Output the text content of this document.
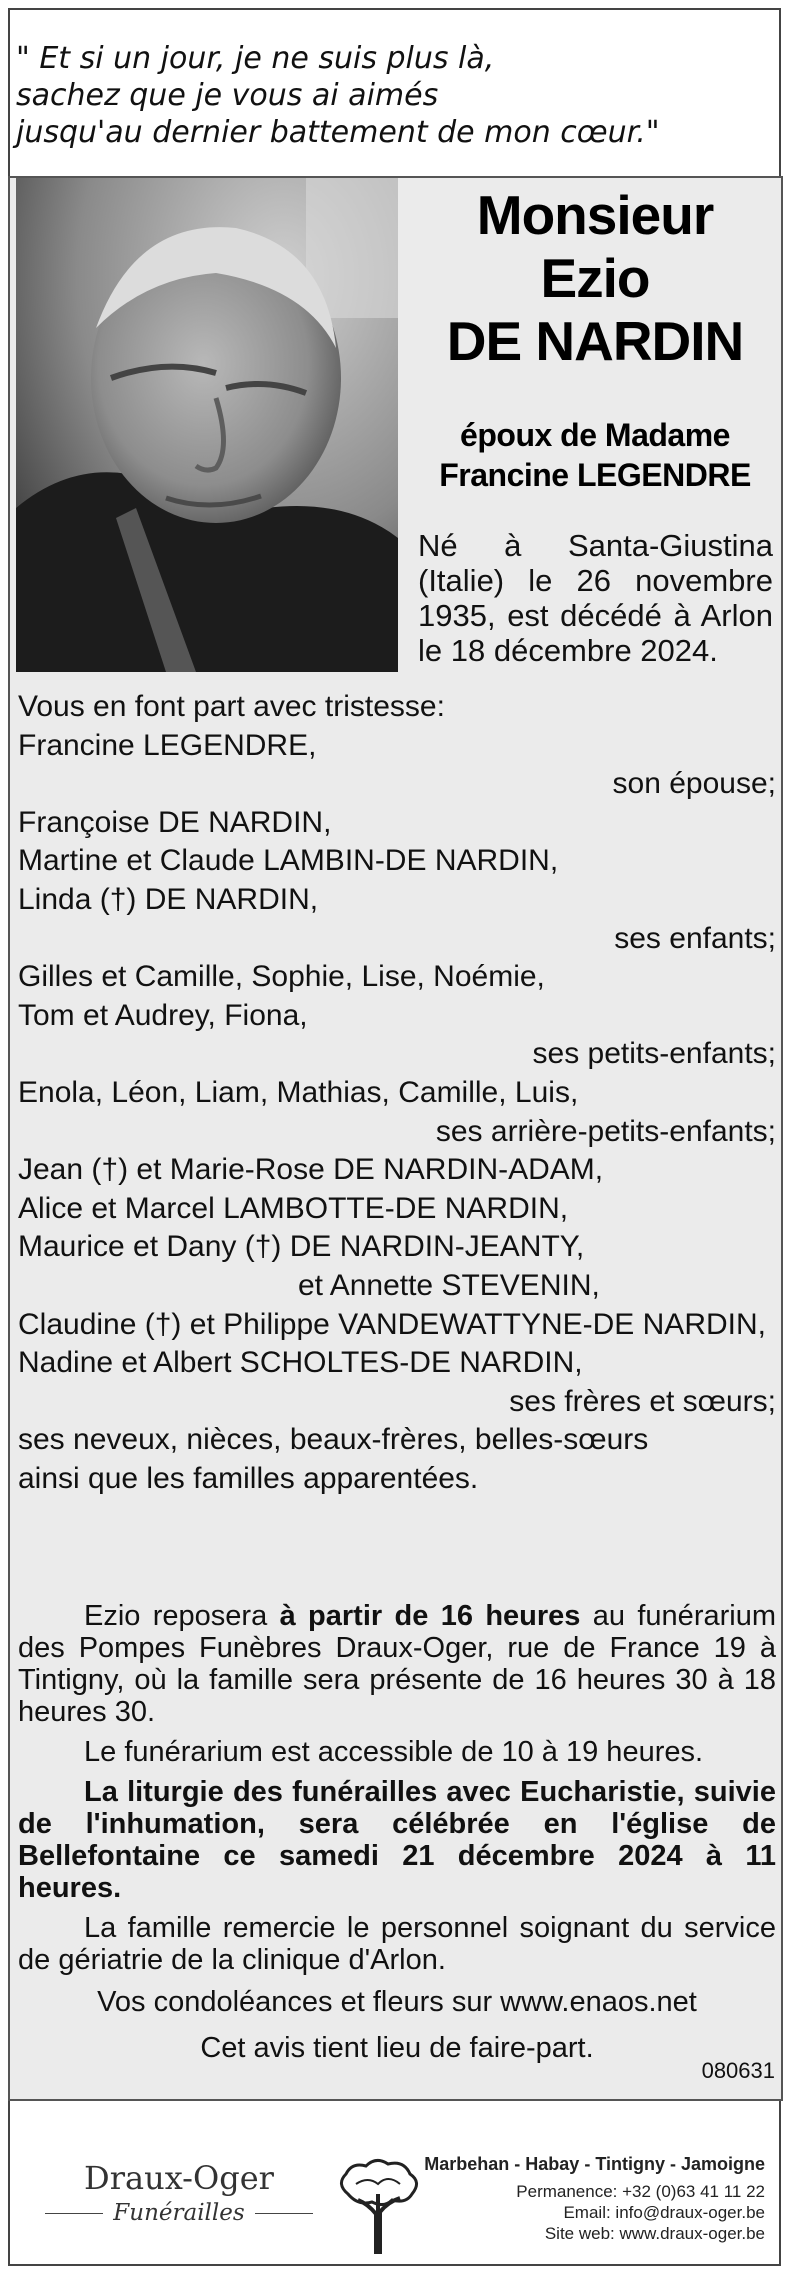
" Et si un jour, je ne suis plus là,
sachez que je vous ai aimés
jusqu'au dernier battement de mon cœur."
Monsieur
Ezio
DE NARDIN
époux de Madame
Francine LEGENDRE
Né à Santa-Giustina (Italie) le 26 novembre 1935, est décédé à Arlon le 18 décembre 2024.
Vous en font part avec tristesse:
Francine LEGENDRE,
son épouse;
Françoise DE NARDIN,
Martine et Claude LAMBIN-DE NARDIN,
Linda (†) DE NARDIN,
ses enfants;
Gilles et Camille, Sophie, Lise, Noémie,
Tom et Audrey, Fiona,
ses petits-enfants;
Enola, Léon, Liam, Mathias, Camille, Luis,
ses arrière-petits-enfants;
Jean (†) et Marie-Rose DE NARDIN-ADAM,
Alice et Marcel LAMBOTTE-DE NARDIN,
Maurice et Dany (†) DE NARDIN-JEANTY,
et Annette STEVENIN,
Claudine (†) et Philippe VANDEWATTYNE-DE NARDIN,
Nadine et Albert SCHOLTES-DE NARDIN,
ses frères et sœurs;
ses neveux, nièces, beaux-frères, belles-sœurs
ainsi que les familles apparentées.
Ezio reposera à partir de 16 heures au funérarium des Pompes Funèbres Draux-Oger, rue de France 19 à Tintigny, où la famille sera présente de 16 heures 30 à 18 heures 30.
Le funérarium est accessible de 10 à 19 heures.
La liturgie des funérailles avec Eucharistie, suivie de l'inhumation, sera célébrée en l'église de Bellefontaine ce samedi 21 décembre 2024 à 11 heures.
La famille remercie le personnel soignant du service de gériatrie de la clinique d'Arlon.
Vos condoléances et fleurs sur www.enaos.net
Cet avis tient lieu de faire-part.
080631
Draux-Oger
Funérailles
Marbehan - Habay - Tintigny - Jamoigne
Permanence: +32 (0)63 41 11 22
Email: info@draux-oger.be
Site web: www.draux-oger.be
